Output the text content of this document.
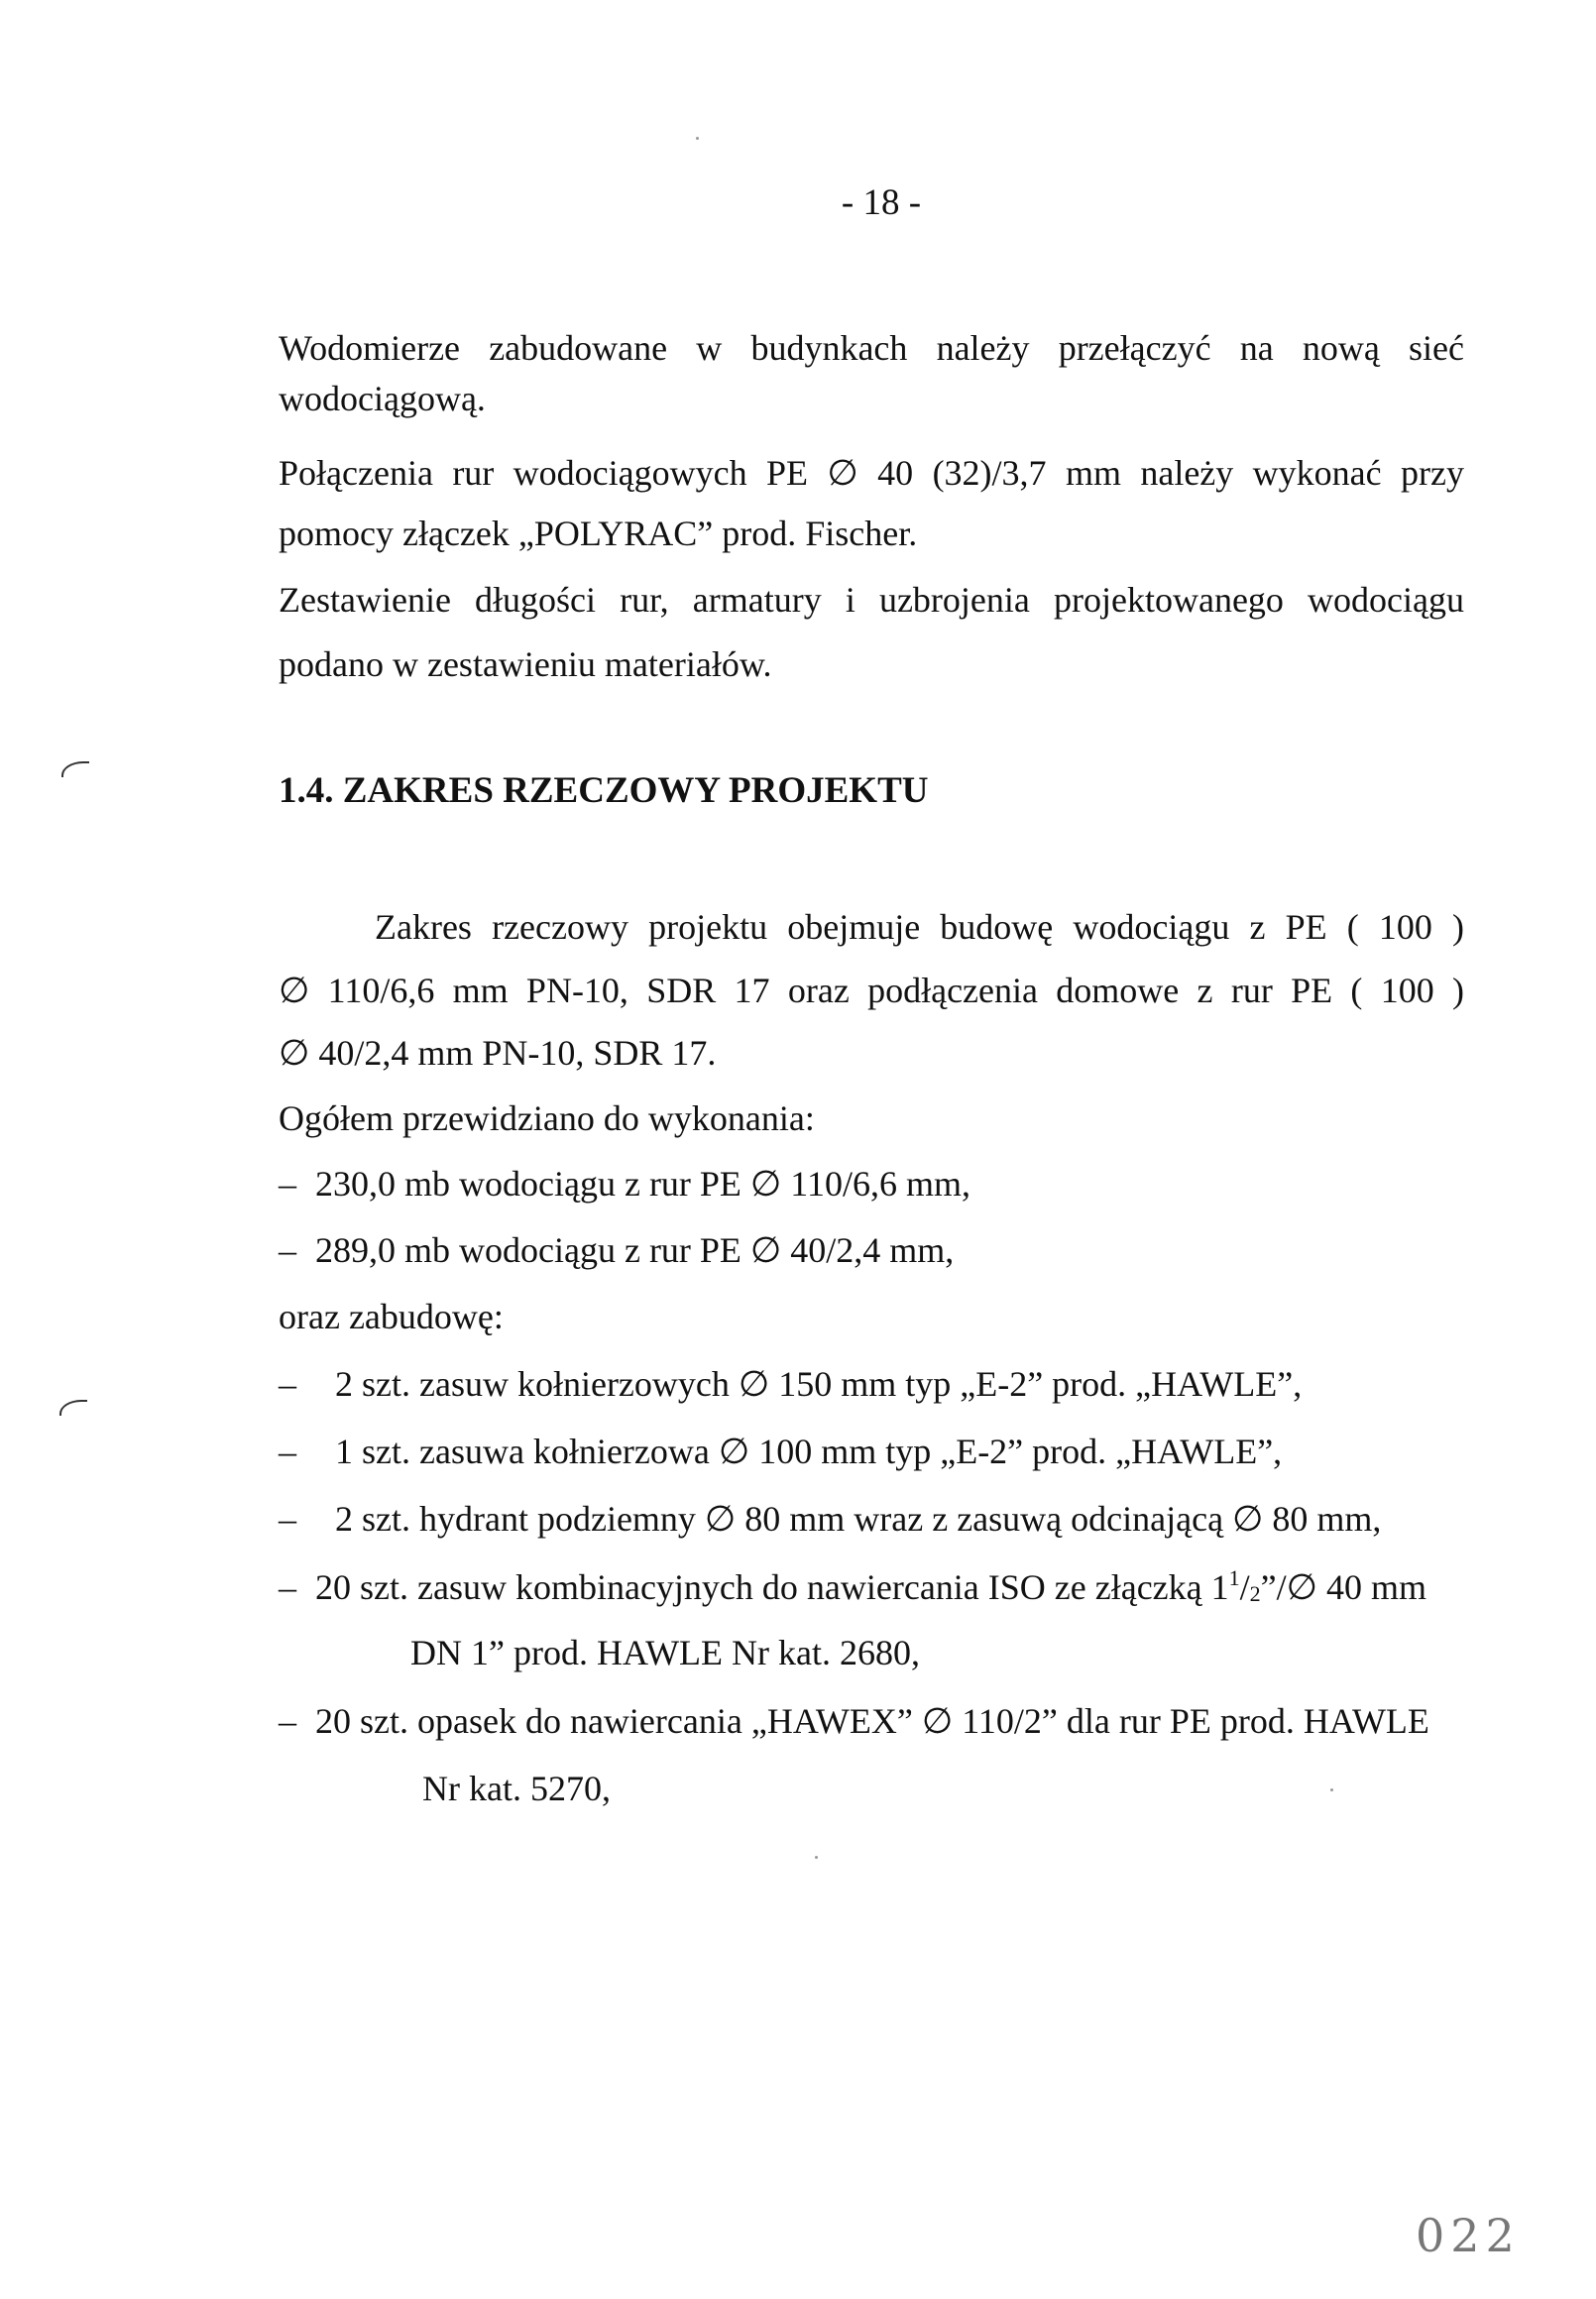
- 18 -

Wodomierze zabudowane w budynkach należy przełączyć na nową sieć

wodociągową.

Połączenia rur wodociągowych PE ∅ 40 (32)/3,7 mm należy wykonać przy

pomocy złączek „POLYRAC” prod. Fischer.

Zestawienie długości rur, armatury i uzbrojenia projektowanego wodociągu

podano w zestawieniu materiałów.

1.4. ZAKRES RZECZOWY PROJEKTU

Zakres rzeczowy projektu obejmuje budowę wodociągu z PE ( 100 )

∅ 110/6,6 mm PN-10, SDR 17 oraz podłączenia domowe z rur PE ( 100 )

∅ 40/2,4 mm PN-10, SDR 17.

Ogółem przewidziano do wykonania:

– 230,0 mb wodociągu z rur PE ∅ 110/6,6 mm,

– 289,0 mb wodociągu z rur PE ∅ 40/2,4 mm,

oraz zabudowę:

– 2 szt. zasuw kołnierzowych ∅ 150 mm typ „E-2” prod. „HAWLE”,

– 1 szt. zasuwa kołnierzowa ∅ 100 mm typ „E-2” prod. „HAWLE”,

– 2 szt. hydrant podziemny ∅ 80 mm wraz z zasuwą odcinającą ∅ 80 mm,

– 20 szt. zasuw kombinacyjnych do nawiercania ISO ze złączką $1^1/_2”/\emptyset$ 40 mm

DN 1” prod. HAWLE Nr kat. 2680,

– 20 szt. opasek do nawiercania „HAWEX” ∅ 110/2” dla rur PE prod. HAWLE

Nr kat. 5270,

022
